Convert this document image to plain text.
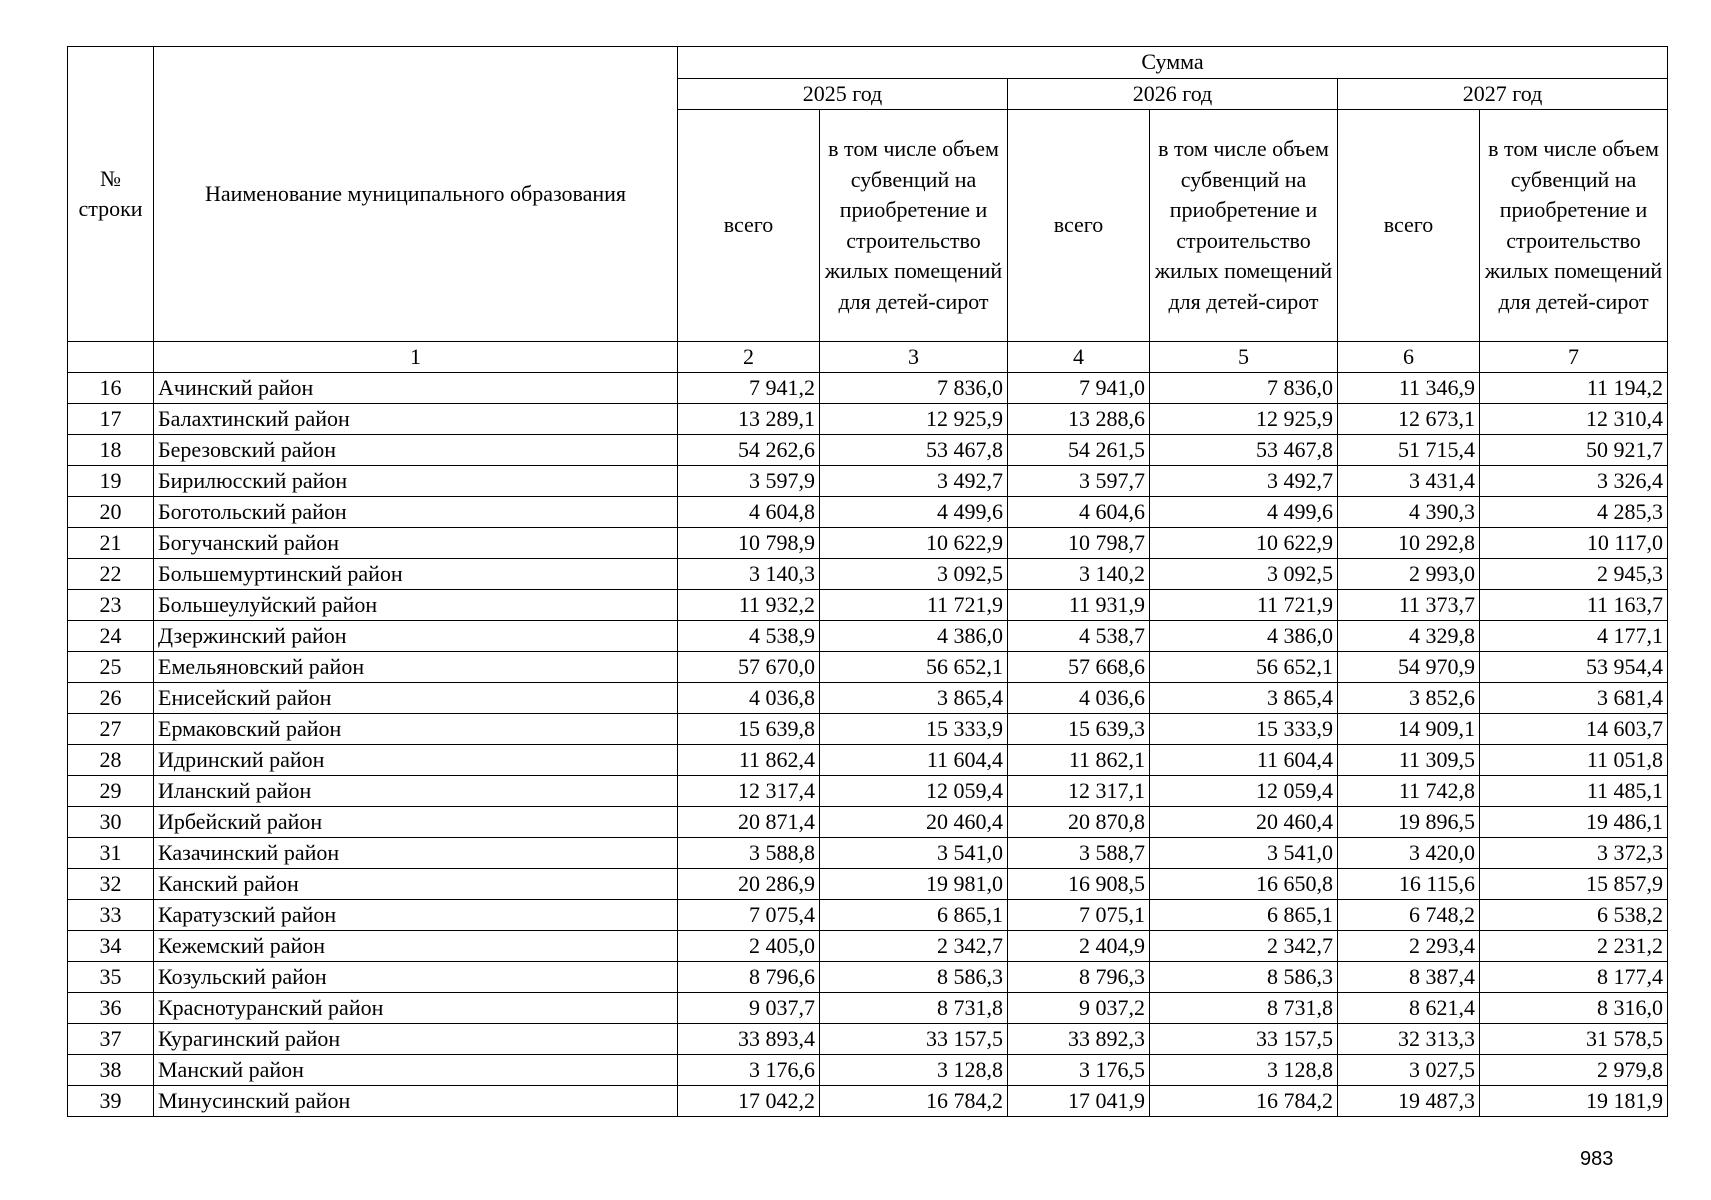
№ строки	Наименование муниципального образования	Сумма					
		2025 год		2026 год		2027 год	
		всего	в том числе объем субвенций на приобретение и строительство жилых помещений для детей-сирот	всего	в том числе объем субвенций на приобретение и строительство жилых помещений для детей-сирот	всего	в том числе объем субвенций на приобретение и строительство жилых помещений для детей-сирот
	1	2	3	4	5	6	7
16	Ачинский район	7 941,2	7 836,0	7 941,0	7 836,0	11 346,9	11 194,2
17	Балахтинский район	13 289,1	12 925,9	13 288,6	12 925,9	12 673,1	12 310,4
18	Березовский район	54 262,6	53 467,8	54 261,5	53 467,8	51 715,4	50 921,7
19	Бирилюсский район	3 597,9	3 492,7	3 597,7	3 492,7	3 431,4	3 326,4
20	Боготольский район	4 604,8	4 499,6	4 604,6	4 499,6	4 390,3	4 285,3
21	Богучанский район	10 798,9	10 622,9	10 798,7	10 622,9	10 292,8	10 117,0
22	Большемуртинский район	3 140,3	3 092,5	3 140,2	3 092,5	2 993,0	2 945,3
23	Большеулуйский район	11 932,2	11 721,9	11 931,9	11 721,9	11 373,7	11 163,7
24	Дзержинский район	4 538,9	4 386,0	4 538,7	4 386,0	4 329,8	4 177,1
25	Емельяновский район	57 670,0	56 652,1	57 668,6	56 652,1	54 970,9	53 954,4
26	Енисейский район	4 036,8	3 865,4	4 036,6	3 865,4	3 852,6	3 681,4
27	Ермаковский район	15 639,8	15 333,9	15 639,3	15 333,9	14 909,1	14 603,7
28	Идринский район	11 862,4	11 604,4	11 862,1	11 604,4	11 309,5	11 051,8
29	Иланский район	12 317,4	12 059,4	12 317,1	12 059,4	11 742,8	11 485,1
30	Ирбейский район	20 871,4	20 460,4	20 870,8	20 460,4	19 896,5	19 486,1
31	Казачинский район	3 588,8	3 541,0	3 588,7	3 541,0	3 420,0	3 372,3
32	Канский район	20 286,9	19 981,0	16 908,5	16 650,8	16 115,6	15 857,9
33	Каратузский район	7 075,4	6 865,1	7 075,1	6 865,1	6 748,2	6 538,2
34	Кежемский район	2 405,0	2 342,7	2 404,9	2 342,7	2 293,4	2 231,2
35	Козульский район	8 796,6	8 586,3	8 796,3	8 586,3	8 387,4	8 177,4
36	Краснотуранский район	9 037,7	8 731,8	9 037,2	8 731,8	8 621,4	8 316,0
37	Курагинский район	33 893,4	33 157,5	33 892,3	33 157,5	32 313,3	31 578,5
38	Манский район	3 176,6	3 128,8	3 176,5	3 128,8	3 027,5	2 979,8
39	Минусинский район	17 042,2	16 784,2	17 041,9	16 784,2	19 487,3	19 181,9
983
